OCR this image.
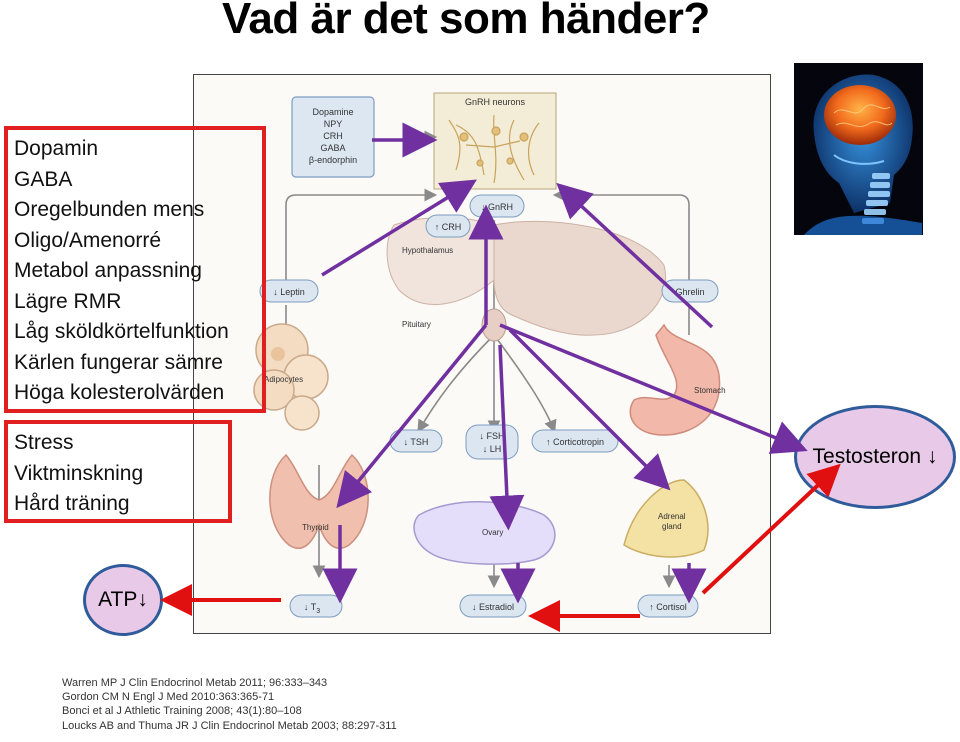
Vad är det som händer?
Dopamine
NPY
CRH
GABA
β-endorphin
GnRH neurons
Hypothalamus
Pituitary
↓ GnRH
↑ CRH
↓ Leptin	Ghrelin
Adipocytes
Stomach
↓ TSH
↓ FSH
↓ LH
↑ Corticotropin
Thyroid
Ovary
Adrenal
gland
↓ $T_3$	↓ Estradiol	↑ Cortisol
Dopamin
GABA
Oregelbunden mens
Oligo/Amenorré
Metabol anpassning
Lägre RMR
Låg sköldkörtelfunktion
Kärlen fungerar sämre
Höga kolesterolvärden
Stress
Viktminskning
Hård träning
Testosteron ↓
ATP↓
Warren MP J Clin Endocrinol Metab 2011; 96:333–343
Gordon CM N Engl J Med 2010:363:365-71
Bonci et al J Athletic Training 2008; 43(1):80–108
Loucks AB and Thuma JR J Clin Endocrinol Metab 2003; 88:297-311
